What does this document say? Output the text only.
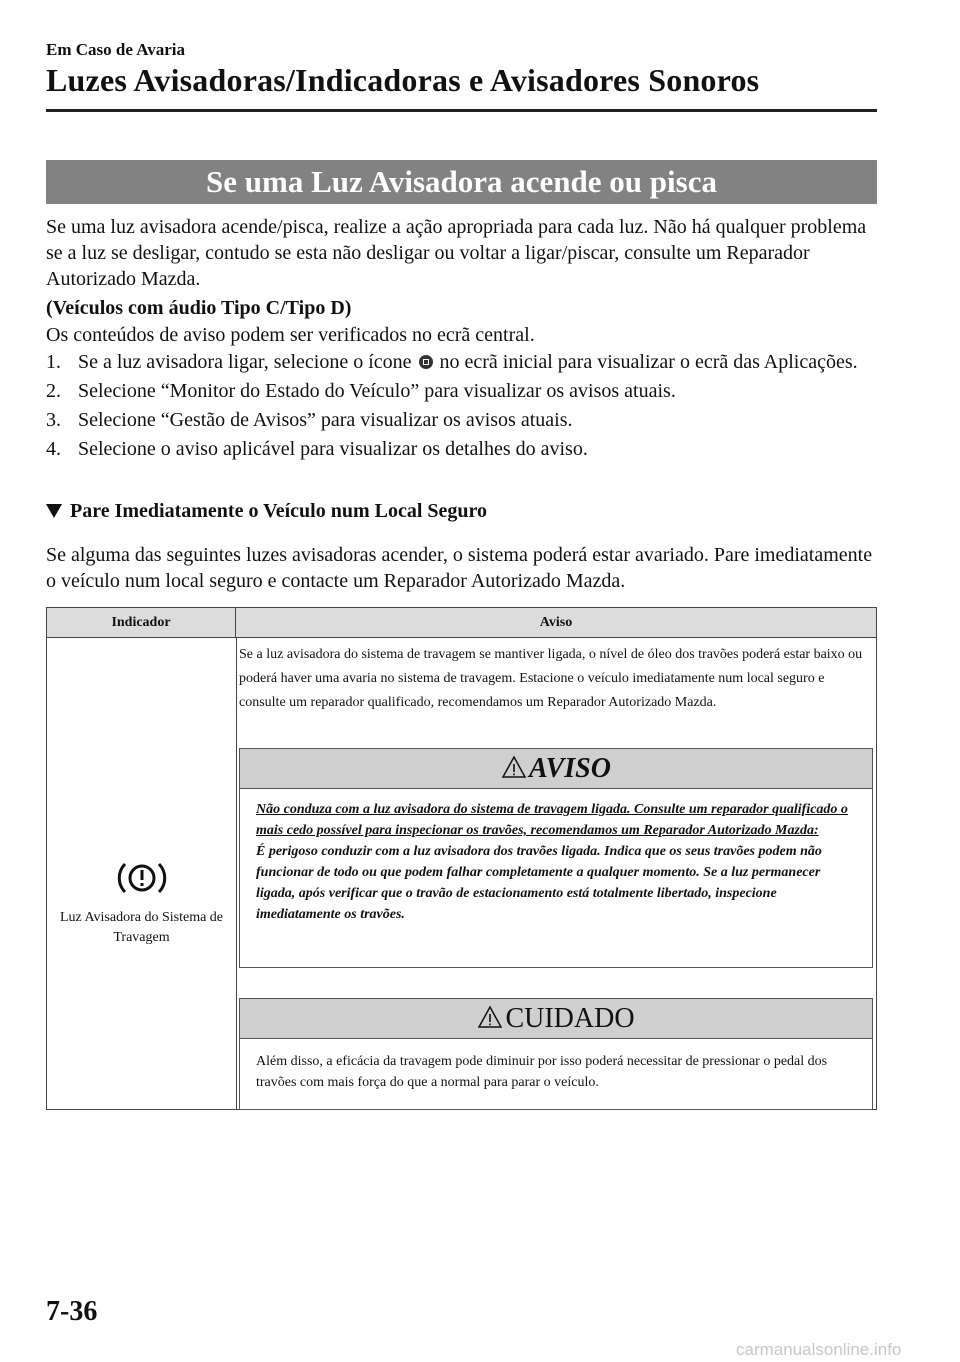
Em Caso de Avaria
Luzes Avisadoras/Indicadoras e Avisadores Sonoros
Se uma Luz Avisadora acende ou pisca
Se uma luz avisadora acende/pisca, realize a ação apropriada para cada luz. Não há qualquer problema se a luz se desligar, contudo se esta não desligar ou voltar a ligar/piscar, consulte um Reparador Autorizado Mazda.
(Veículos com áudio Tipo C/Tipo D)
Os conteúdos de aviso podem ser verificados no ecrã central.
1. Se a luz avisadora ligar, selecione o ícone no ecrã inicial para visualizar o ecrã das Aplicações.
2. Selecione “Monitor do Estado do Veículo” para visualizar os avisos atuais.
3. Selecione “Gestão de Avisos” para visualizar os avisos atuais.
4. Selecione o aviso aplicável para visualizar os detalhes do aviso.
Pare Imediatamente o Veículo num Local Seguro
Se alguma das seguintes luzes avisadoras acender, o sistema poderá estar avariado. Pare imediatamente o veículo num local seguro e contacte um Reparador Autorizado Mazda.
Indicador	Aviso
Luz Avisadora do Sistema de Travagem
Se a luz avisadora do sistema de travagem se mantiver ligada, o nível de óleo dos travões poderá estar baixo ou poderá haver uma avaria no sistema de travagem. Estacione o veículo imediatamente num local seguro e consulte um reparador qualificado, recomendamos um Reparador Autorizado Mazda.
AVISO
Não conduza com a luz avisadora do sistema de travagem ligada. Consulte um reparador qualificado o mais cedo possível para inspecionar os travões, recomendamos um Reparador Autorizado Mazda:
É perigoso conduzir com a luz avisadora dos travões ligada. Indica que os seus travões podem não funcionar de todo ou que podem falhar completamente a qualquer momento. Se a luz permanecer ligada, após verificar que o travão de estacionamento está totalmente libertado, inspecione imediatamente os travões.
CUIDADO
Além disso, a eficácia da travagem pode diminuir por isso poderá necessitar de pressionar o pedal dos travões com mais força do que a normal para parar o veículo.
7-36
carmanualsonline.info
